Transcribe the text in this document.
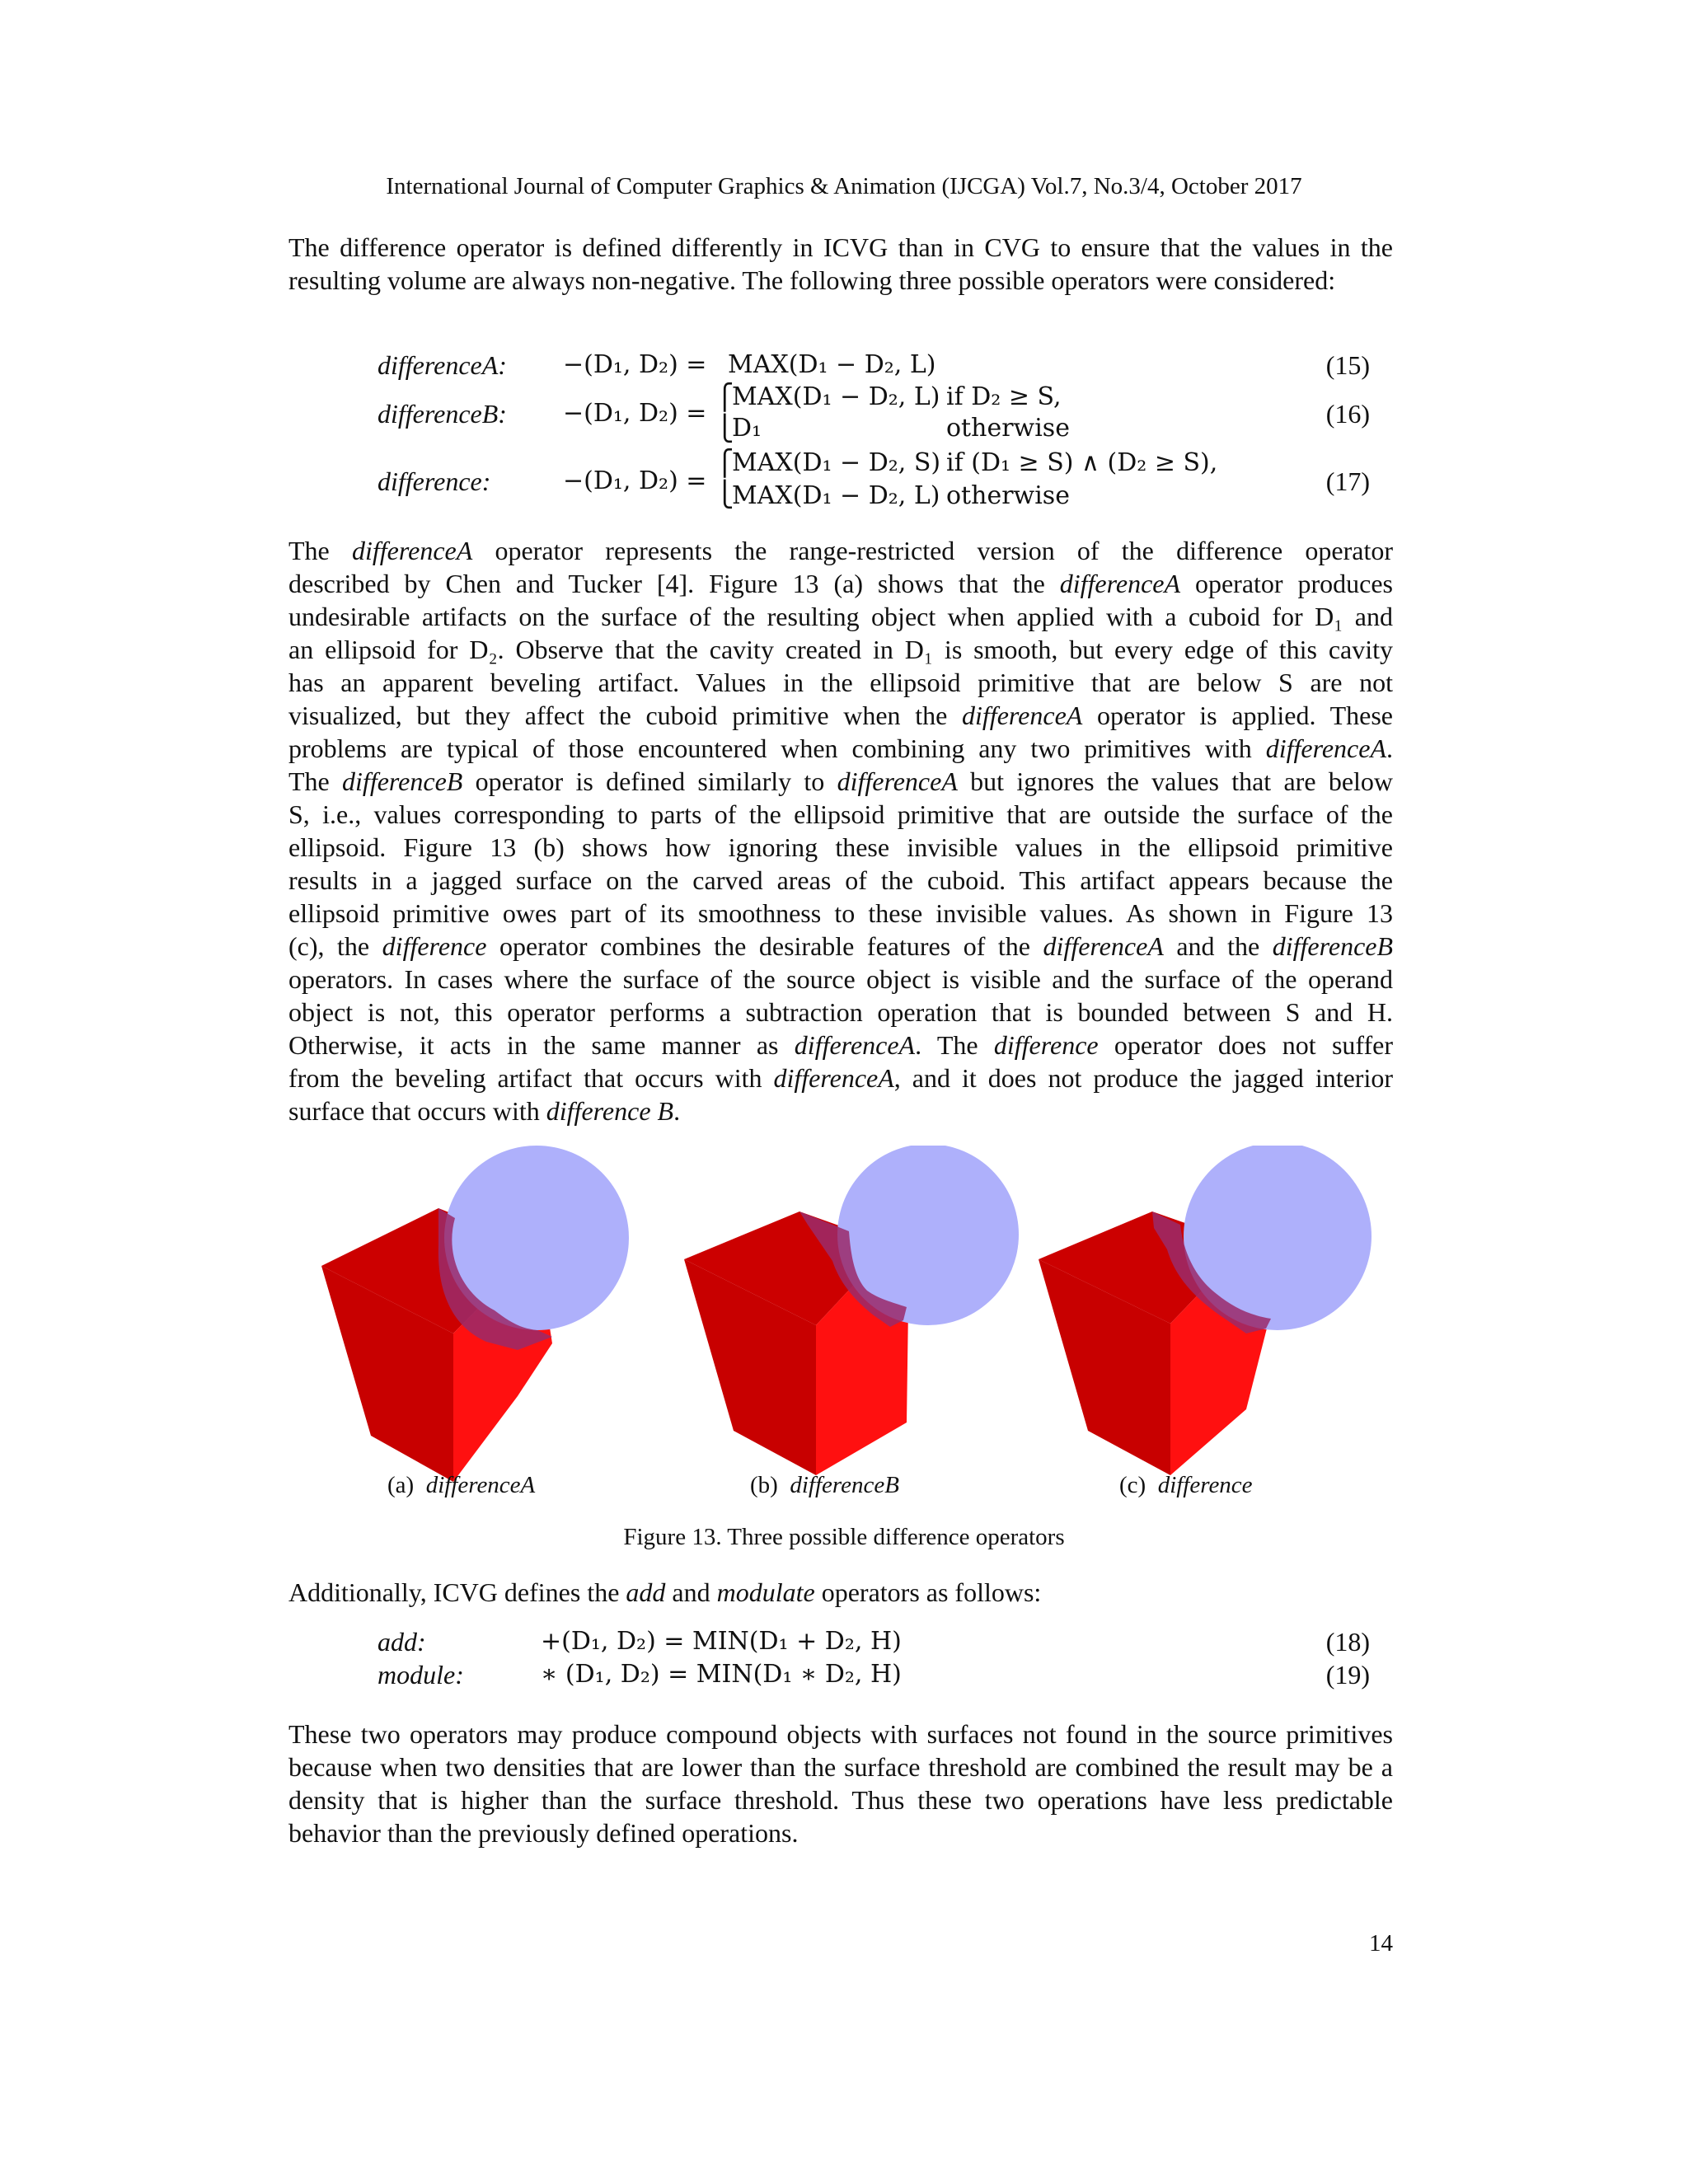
International Journal of Computer Graphics & Animation (IJCGA) Vol.7, No.3/4, October 2017

The difference operator is defined differently in ICVG than in CVG to ensure that the values in the resulting volume are always non-negative. The following three possible operators were considered:

differenceA: −(D₁, D₂) = MAX(D₁ − D₂, L)	(15)
differenceB: −(D₁, D₂) =
⎧
⎩
MAX(D₁ − D₂, L) if D₂ ≥ S,
D₁	otherwise	(16)
difference:	−(D₁, D₂) =
⎧
⎩
MAX(D₁ − D₂, S) if (D₁ ≥ S) ∧ (D₂ ≥ S),
MAX(D₁ − D₂, L) otherwise	(17)
The differenceA operator represents the range-restricted version of the difference operator
described by Chen and Tucker [4]. Figure 13 (a) shows that the differenceA operator produces
undesirable artifacts on the surface of the resulting object when applied with a cuboid for D₁ and
an ellipsoid for D₂. Observe that the cavity created in D₁ is smooth, but every edge of this cavity
has an apparent beveling artifact. Values in the ellipsoid primitive that are below S are not
visualized, but they affect the cuboid primitive when the differenceA operator is applied. These
problems are typical of those encountered when combining any two primitives with differenceA.
The differenceB operator is defined similarly to differenceA but ignores the values that are below
S, i.e., values corresponding to parts of the ellipsoid primitive that are outside the surface of the
ellipsoid. Figure 13 (b) shows how ignoring these invisible values in the ellipsoid primitive
results in a jagged surface on the carved areas of the cuboid. This artifact appears because the
ellipsoid primitive owes part of its smoothness to these invisible values. As shown in Figure 13
(c), the difference operator combines the desirable features of the differenceA and the differenceB
operators. In cases where the surface of the source object is visible and the surface of the operand
object is not, this operator performs a subtraction operation that is bounded between S and H.
Otherwise, it acts in the same manner as differenceA. The difference operator does not suffer
from the beveling artifact that occurs with differenceA, and it does not produce the jagged interior
surface that occurs with difference B.
(a) differenceA	(b) differenceB	(c) difference
Figure 13. Three possible difference operators

Additionally, ICVG defines the add and modulate operators as follows:

add:	+(D₁, D₂) = MIN(D₁ + D₂, H)	(18)
module:	∗ (D₁, D₂) = MIN(D₁ ∗ D₂, H)	(19)

These two operators may produce compound objects with surfaces not found in the source primitives because when two densities that are lower than the surface threshold are combined the result may be a density that is higher than the surface threshold. Thus these two operations have less predictable behavior than the previously defined operations.

14
